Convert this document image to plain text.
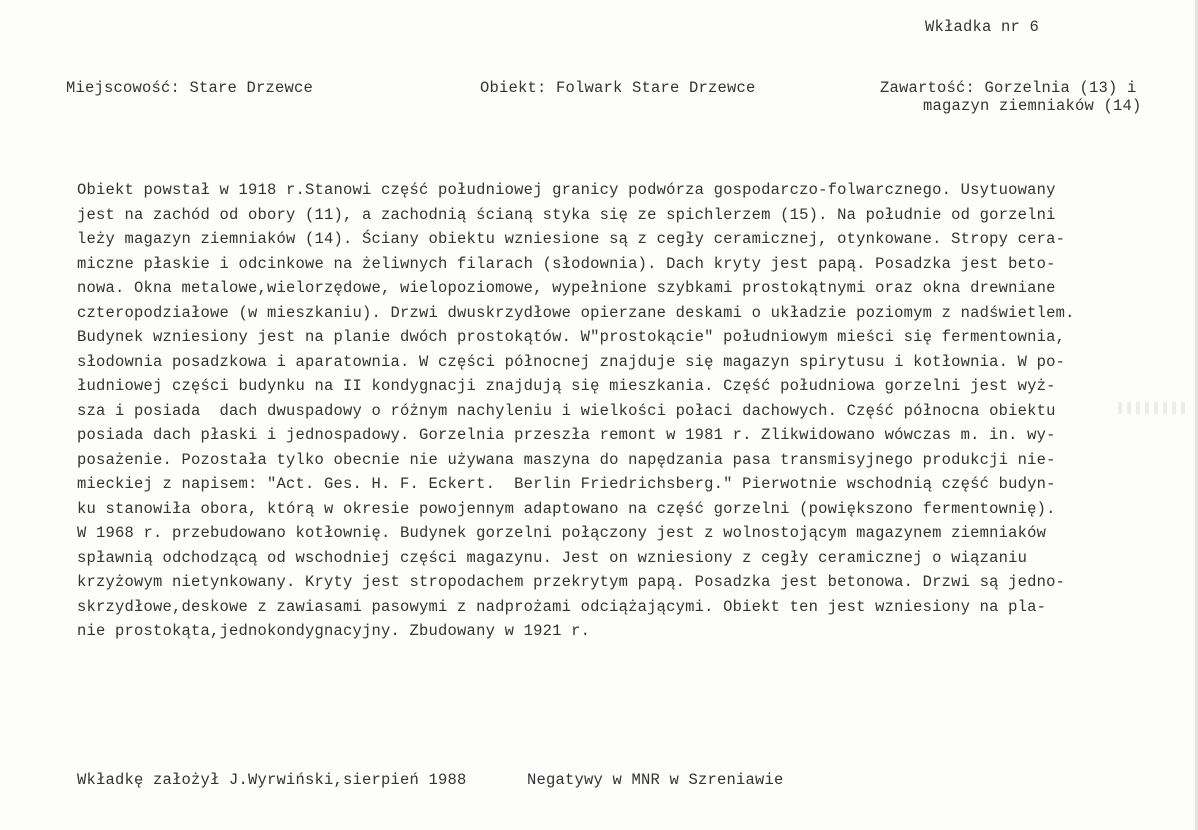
Wkładka nr 6
Miejscowość: Stare Drzewce	Obiekt: Folwark Stare Drzewce	Zawartość: Gorzelnia (13) i
magazyn ziemniaków (14)
Obiekt powstał w 1918 r.Stanowi część południowej granicy podwórza gospodarczo-folwarcznego. Usytuowany
jest na zachód od obory (11), a zachodnią ścianą styka się ze spichlerzem (15). Na południe od gorzelni
leży magazyn ziemniaków (14). Ściany obiektu wzniesione są z cegły ceramicznej, otynkowane. Stropy cera-
miczne płaskie i odcinkowe na żeliwnych filarach (słodownia). Dach kryty jest papą. Posadzka jest beto-
nowa. Okna metalowe,wielorzędowe, wielopoziomowe, wypełnione szybkami prostokątnymi oraz okna drewniane
czteropodziałowe (w mieszkaniu). Drzwi dwuskrzydłowe opierzane deskami o układzie poziomym z nadświetlem.
Budynek wzniesiony jest na planie dwóch prostokątów. W"prostokącie" południowym mieści się fermentownia,
słodownia posadzkowa i aparatownia. W części północnej znajduje się magazyn spirytusu i kotłownia. W po-
łudniowej części budynku na II kondygnacji znajdują się mieszkania. Część południowa gorzelni jest wyż-
sza i posiada  dach dwuspadowy o różnym nachyleniu i wielkości połaci dachowych. Część północna obiektu
posiada dach płaski i jednospadowy. Gorzelnia przeszła remont w 1981 r. Zlikwidowano wówczas m. in. wy-
posażenie. Pozostała tylko obecnie nie używana maszyna do napędzania pasa transmisyjnego produkcji nie-
mieckiej z napisem: "Act. Ges. H. F. Eckert.  Berlin Friedrichsberg." Pierwotnie wschodnią część budyn-
ku stanowiła obora, którą w okresie powojennym adaptowano na część gorzelni (powiększono fermentownię).
W 1968 r. przebudowano kotłownię. Budynek gorzelni połączony jest z wolnostojącym magazynem ziemniaków
spławnią odchodzącą od wschodniej części magazynu. Jest on wzniesiony z cegły ceramicznej o wiązaniu
krzyżowym nietynkowany. Kryty jest stropodachem przekrytym papą. Posadzka jest betonowa. Drzwi są jedno-
skrzydłowe,deskowe z zawiasami pasowymi z nadprożami odciążającymi. Obiekt ten jest wzniesiony na pla-
nie prostokąta,jednokondygnacyjny. Zbudowany w 1921 r.
Wkładkę założył J.Wyrwiński,sierpień 1988	Negatywy w MNR w Szreniawie
